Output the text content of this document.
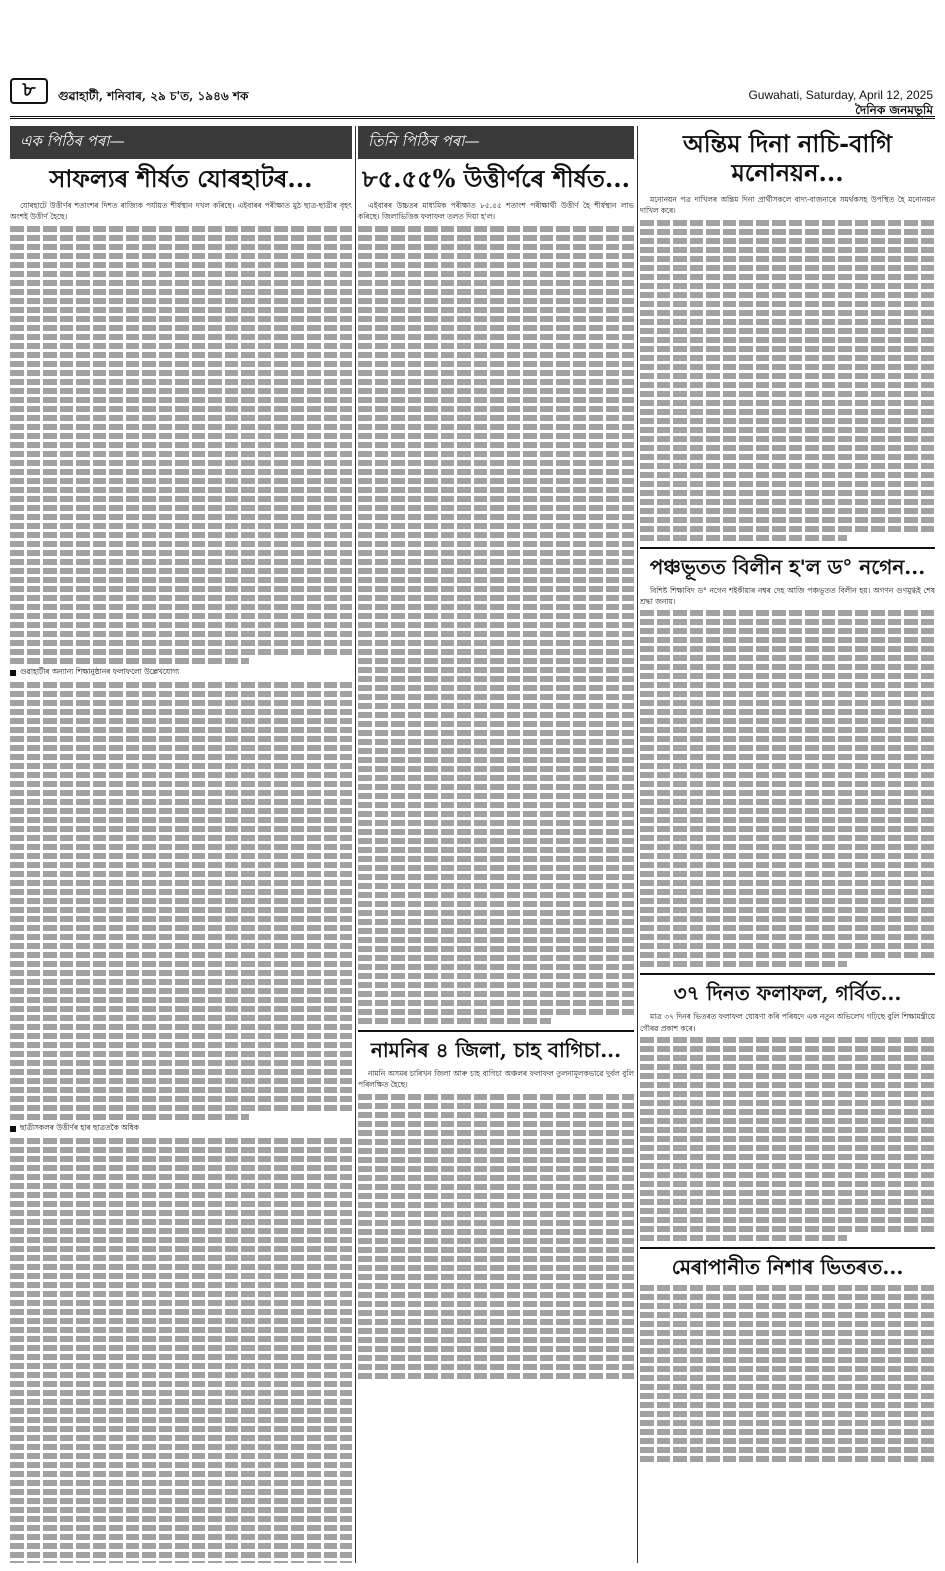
৮	গুৱাহাটী, শনিবাৰ, ২৯ চ'ত, ১৯৪৬ শক	Guwahati, Saturday, April 12, 2025
দৈনিক জনমভূমি
এক পিঠিৰ পৰা—
সাফল্যৰ শীৰ্ষত যোৰহাটৰ...

যোৰহাটে উত্তীৰ্ণৰ শতাংশৰ দিশত ৰাজ্যিক পৰ্যায়ত শীৰ্ষস্থান দখল কৰিছে। এইবাৰৰ পৰীক্ষাত মুঠ ছাত্ৰ-ছাত্ৰীৰ বৃহৎ অংশই উত্তীৰ্ণ হৈছে।

গুৱাহাটীৰ অন্যান্য শিক্ষানুষ্ঠানৰ ফলাফলো উল্লেখযোগ্য
ছাত্ৰীসকলৰ উত্তীৰ্ণৰ হাৰ ছাত্ৰতকৈ অধিক
তিনি পিঠিৰ পৰা—
৮৫.৫৫% উত্তীৰ্ণৰে শীৰ্ষত...

এইবাৰৰ উচ্চতৰ মাধ্যমিক পৰীক্ষাত ৮৫.৫৫ শতাংশ পৰীক্ষাৰ্থী উত্তীৰ্ণ হৈ শীৰ্ষস্থান লাভ কৰিছে। জিলাভিত্তিক ফলাফল তলত দিয়া হ'ল।

নামনিৰ ৪ জিলা, চাহ বাগিচা...

নামনি অসমৰ চাৰিখন জিলা আৰু চাহ বাগিচা অঞ্চলৰ ফলাফল তুলনামূলকভাৱে দুৰ্বল বুলি পৰিলক্ষিত হৈছে।

অন্তিম দিনা নাচি-বাগি মনোনয়ন...

মনোনয়ন পত্ৰ দাখিলৰ অন্তিম দিনা প্ৰাৰ্থীসকলে বাদ্য-বাজনাৰে সমৰ্থকসহ উপস্থিত হৈ মনোনয়ন দাখিল কৰে।

পঞ্চভূতত বিলীন হ'ল ড° নগেন...

বিশিষ্ট শিক্ষাবিদ ড° নগেন শইকীয়াৰ নশ্বৰ দেহ আজি পঞ্চভূতত বিলীন হয়। অগণন গুণমুগ্ধই শেষ শ্ৰদ্ধা জনায়।

৩৭ দিনত ফলাফল, গৰ্বিত...

মাত্ৰ ৩৭ দিনৰ ভিতৰত ফলাফল ঘোষণা কৰি পৰিষদে এক নতুন অভিলেখ গঢ়িছে বুলি শিক্ষামন্ত্ৰীয়ে গৌৰৱ প্ৰকাশ কৰে।

মেৰাপানীত নিশাৰ ভিতৰত...
